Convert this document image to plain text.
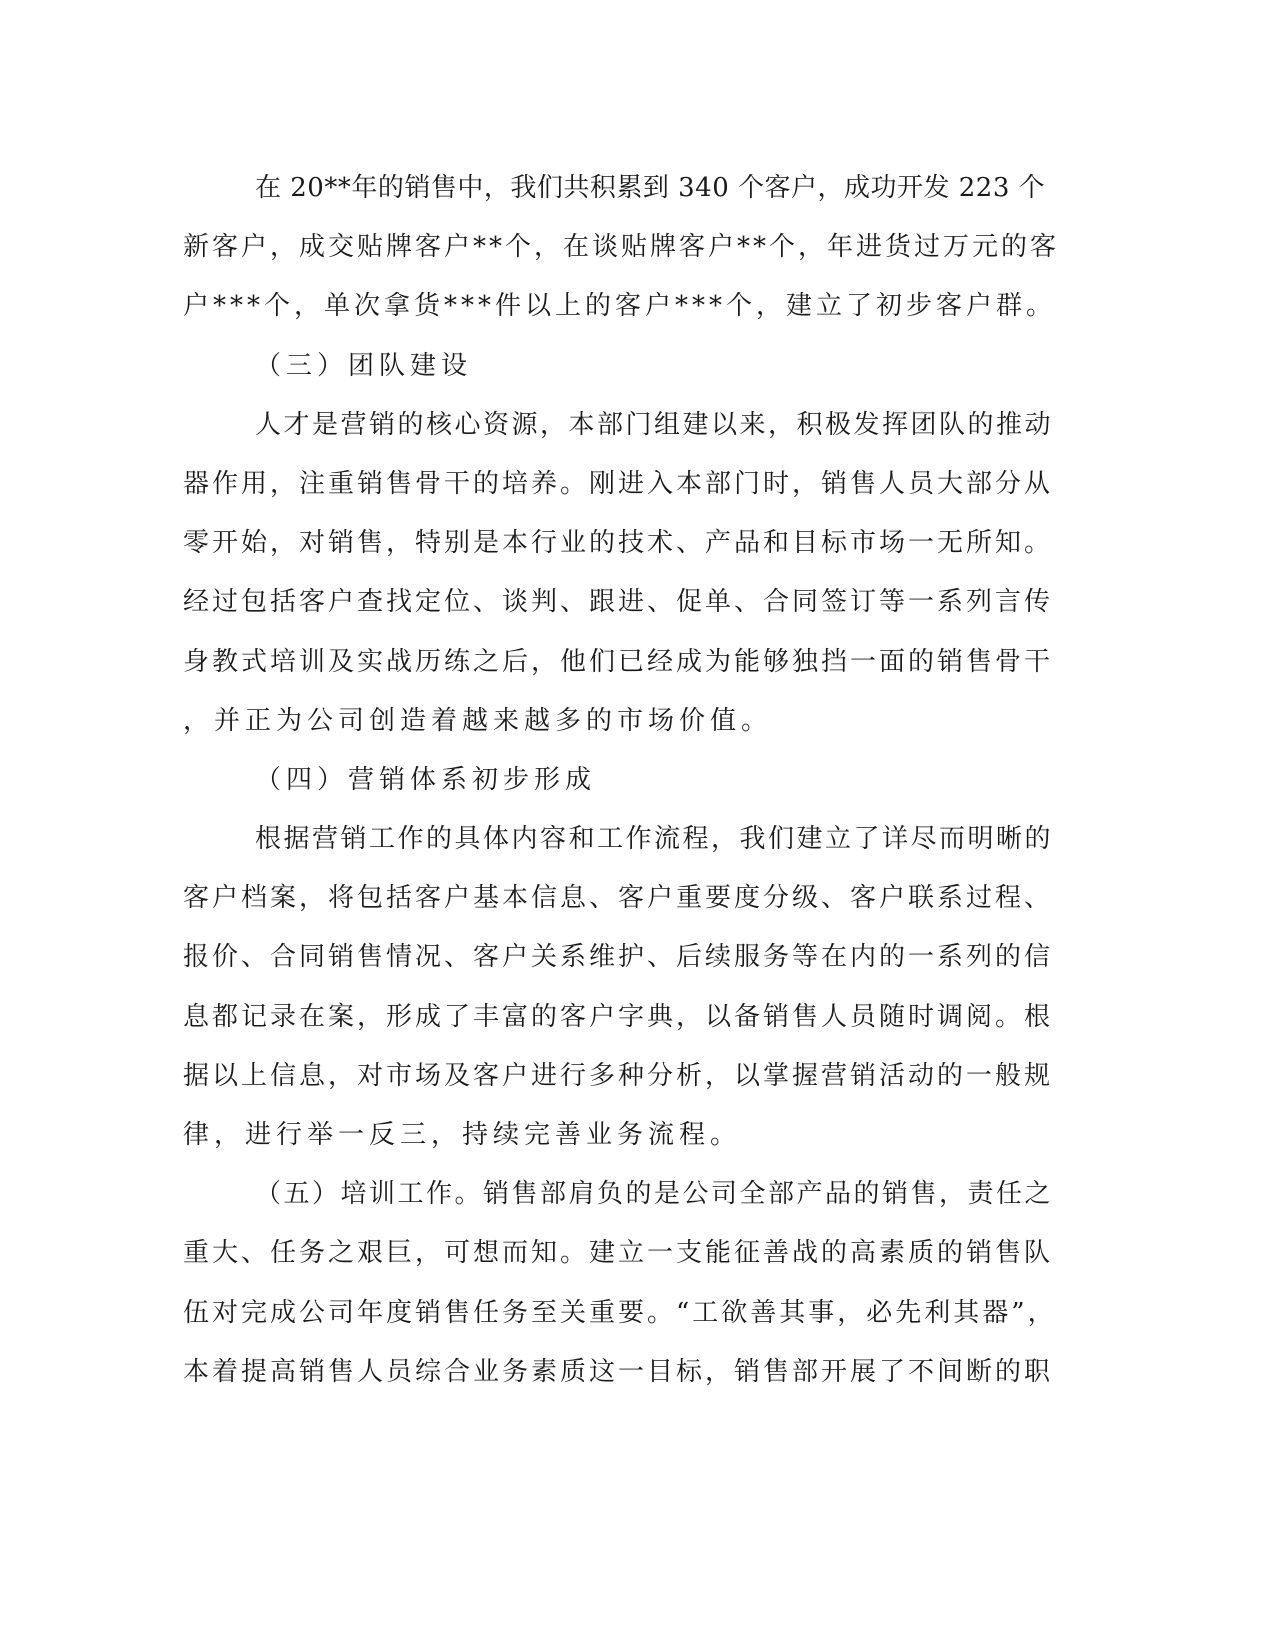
在 20**年的销售中，我们共积累到 340 个客户，成功开发 223 个
新客户，成交贴牌客户**个，在谈贴牌客户**个，年进货过万元的客
户***个，单次拿货***件以上的客户***个，建立了初步客户群。
（三）团队建设
人才是营销的核心资源，本部门组建以来，积极发挥团队的推动
器作用，注重销售骨干的培养。刚进入本部门时，销售人员大部分从
零开始，对销售，特别是本行业的技术、产品和目标市场一无所知。
经过包括客户查找定位、谈判、跟进、促单、合同签订等一系列言传
身教式培训及实战历练之后，他们已经成为能够独挡一面的销售骨干
，并正为公司创造着越来越多的市场价值。
（四）营销体系初步形成
根据营销工作的具体内容和工作流程，我们建立了详尽而明晰的
客户档案，将包括客户基本信息、客户重要度分级、客户联系过程、
报价、合同销售情况、客户关系维护、后续服务等在内的一系列的信
息都记录在案，形成了丰富的客户字典，以备销售人员随时调阅。根
据以上信息，对市场及客户进行多种分析，以掌握营销活动的一般规
律，进行举一反三，持续完善业务流程。
（五）培训工作。销售部肩负的是公司全部产品的销售，责任之
重大、任务之艰巨，可想而知。建立一支能征善战的高素质的销售队
伍对完成公司年度销售任务至关重要。“工欲善其事，必先利其器”，
本着提高销售人员综合业务素质这一目标，销售部开展了不间断的职
